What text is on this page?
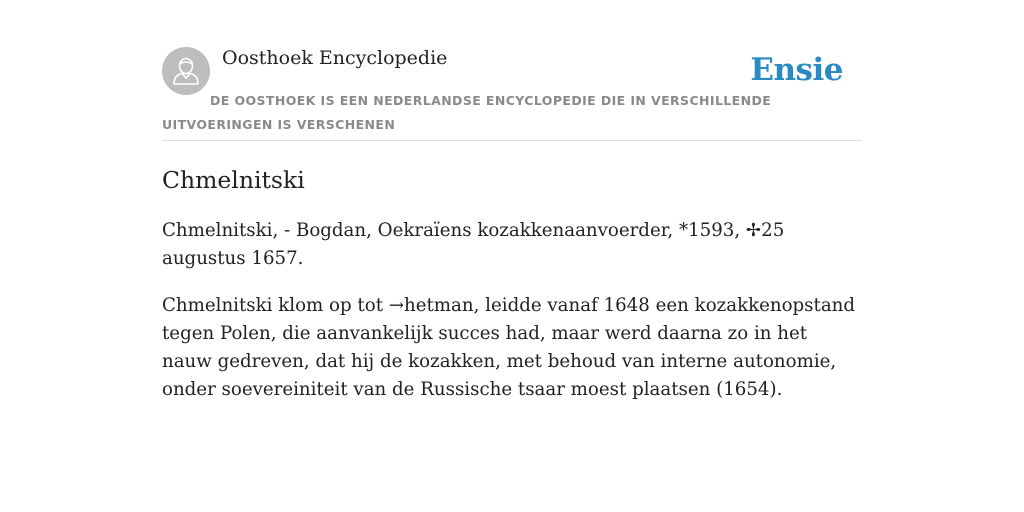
Oosthoek Encyclopedie	Ensie
DE OOSTHOEK IS EEN NEDERLANDSE ENCYCLOPEDIE DIE IN VERSCHILLENDE UITVOERINGEN IS VERSCHENEN
Chmelnitski

Chmelnitski, - Bogdan, Oekraïens kozakkenaanvoerder, *1593, ✢25 augustus 1657.

Chmelnitski klom op tot →hetman, leidde vanaf 1648 een kozakkenopstand tegen Polen, die aanvankelijk succes had, maar werd daarna zo in het nauw gedreven, dat hij de kozakken, met behoud van interne autonomie, onder soevereiniteit van de Russische tsaar moest plaatsen (1654).
